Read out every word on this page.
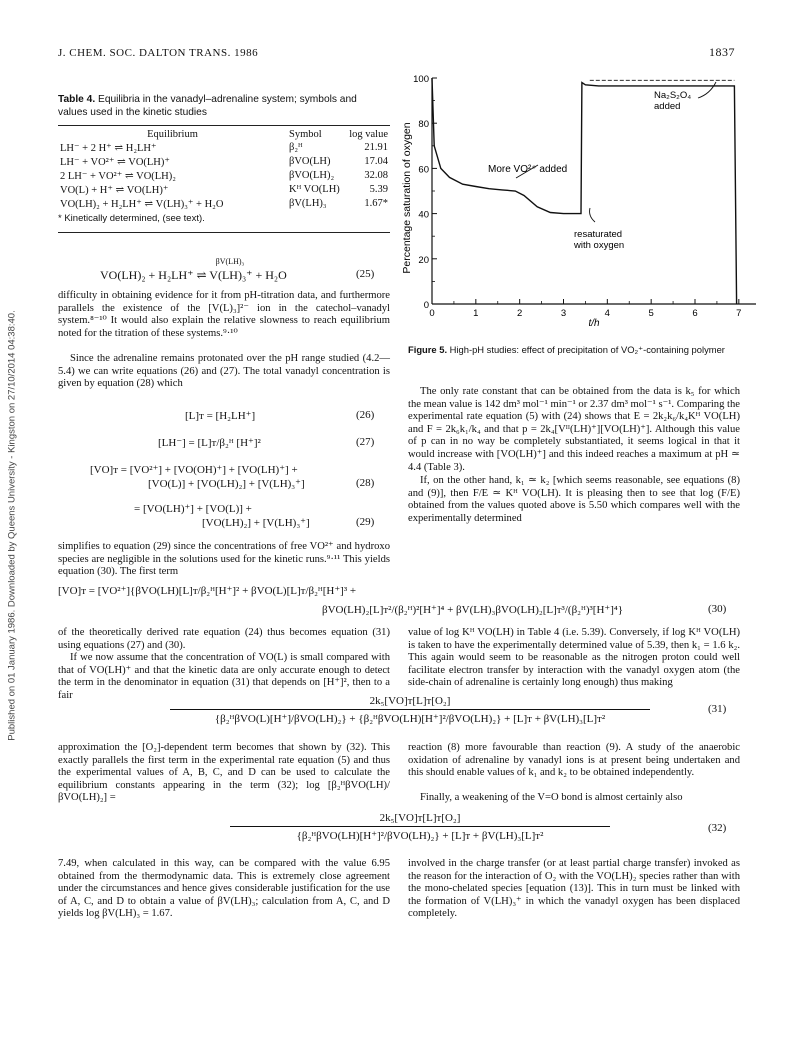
J. CHEM. SOC. DALTON TRANS. 1986	1837
Published on 01 January 1986. Downloaded by Queens University - Kingston on 27/10/2014 04:38:40.
Table 4. Equilibria in the vanadyl–adrenaline system; symbols and values used in the kinetic studies
Equilibrium	Symbol	log value
LH⁻ + 2 H⁺ ⇌ H₂LH⁺	β₂ᴴ	21.91
LH⁻ + VO²⁺ ⇌ VO(LH)⁺	βVO(LH)	17.04
2 LH⁻ + VO²⁺ ⇌ VO(LH)₂	βVO(LH)₂	32.08
VO(L) + H⁺ ⇌ VO(LH)⁺	Kᴴ VO(LH)	5.39
VO(LH)₂ + H₂LH⁺ ⇌ V(LH)₃⁺ + H₂O	βV(LH)₃	1.67*
* Kinetically determined, (see text).
βV(LH)₃
VO(LH)₂ + H₂LH⁺ ⇌ V(LH)₃⁺ + H₂O	(25)

difficulty in obtaining evidence for it from pH-titration data, and furthermore parallels the existence of the [V(L)₃]²⁻ ion in the catechol–vanadyl system.⁸⁻¹⁰ It would also explain the relative slowness to reach equilibrium noted for the titration of these systems.⁹·¹⁰

Since the adrenaline remains protonated over the pH range studied (4.2—5.4) we can write equations (26) and (27). The total vanadyl concentration is given by equation (28) which

[L]ᴛ = [H₂LH⁺]	(26)
[LH⁻] = [L]ᴛ/β₂ᴴ [H⁺]²	(27)
[VO]ᴛ = [VO²⁺] + [VO(OH)⁺] + [VO(LH)⁺] +
[VO(L)] + [VO(LH)₂] + [V(LH)₃⁺]	(28)
= [VO(LH)⁺] + [VO(L)] +
[VO(LH)₂] + [V(LH)₃⁺]	(29)

simplifies to equation (29) since the concentrations of free VO²⁺ and hydroxo species are negligible in the solutions used for the kinetic runs.⁹·¹¹ This yields equation (30). The first term

[VO]ᴛ = [VO²⁺]{βVO(LH)[L]ᴛ/β₂ᴴ[H⁺]² + βVO(L)[L]ᴛ/β₂ᴴ[H⁺]³ +
βVO(LH)₂[L]ᴛ²/(β₂ᴴ)²[H⁺]⁴ + βV(LH)₃βVO(LH)₂[L]ᴛ³/(β₂ᴴ)³[H⁺]⁴}	(30)

of the theoretically derived rate equation (24) thus becomes equation (31) using equations (27) and (30).

If we now assume that the concentration of VO(L) is small compared with that of VO(LH)⁺ and that the kinetic data are only accurate enough to detect the term in the denominator in equation (31) that depends on [H⁺]², then to a fair

value of log Kᴴ VO(LH) in Table 4 (i.e. 5.39). Conversely, if log Kᴴ VO(LH) is taken to have the experimentally determined value of 5.39, then k₁ = 1.6 k₂. This again would seem to be reasonable as the nitrogen proton could well facilitate electron transfer by interaction with the vanadyl oxygen atom (the side-chain of adrenaline is certainly long enough) thus making

2k₅[VO]ᴛ[L]ᴛ[O₂]
{β₂ᴴβVO(L)[H⁺]/βVO(LH)₂} + {β₂ᴴβVO(LH)[H⁺]²/βVO(LH)₂} + [L]ᴛ + βV(LH)₃[L]ᴛ²
(31)

approximation the [O₂]-dependent term becomes that shown by (32). This exactly parallels the first term in the experimental rate equation (5) and thus the experimental values of A, B, C, and D can be used to calculate the equilibrium constants appearing in the term (32); log [β₂ᴴβVO(LH)/βVO(LH)₂] =

reaction (8) more favourable than reaction (9). A study of the anaerobic oxidation of adrenaline by vanadyl ions is at present being undertaken and this should enable values of k₁ and k₂ to be obtained independently.

Finally, a weakening of the V=O bond is almost certainly also

2k₅[VO]ᴛ[L]ᴛ[O₂]
{β₂ᴴβVO(LH)[H⁺]²/βVO(LH)₂} + [L]ᴛ + βV(LH)₃[L]ᴛ²
(32)

7.49, when calculated in this way, can be compared with the value 6.95 obtained from the thermodynamic data. This is extremely close agreement under the circumstances and hence gives considerable justification for the use of A, C, and D to obtain a value of βV(LH)₃; calculation from A, C, and D yields log βV(LH)₃ = 1.67.

involved in the charge transfer (or at least partial charge transfer) invoked as the reason for the interaction of O₂ with the VO(LH)₂ species rather than with the mono-chelated species [equation (13)]. This in turn must be linked with the formation of V(LH)₃⁺ in which the vanadyl oxygen has been displaced completely.

The only rate constant that can be obtained from the data is k₅ for which the mean value is 142 dm³ mol⁻¹ min⁻¹ or 2.37 dm³ mol⁻¹ s⁻¹. Comparing the experimental rate equation (5) with (24) shows that E = 2k₂k₆/k₄Kᴴ VO(LH) and F = 2k₆k₁/k₄ and that p = 2k₄[Vᴵᴵ(LH)⁺][VO(LH)⁺]. Although this value of p can in no way be completely substantiated, it seems logical in that it would increase with [VO(LH)⁺] and this indeed reaches a maximum at pH ≃ 4.4 (Table 3).

If, on the other hand, k₁ ≃ k₂ [which seems reasonable, see equations (8) and (9)], then F/E ≃ Kᴴ VO(LH). It is pleasing then to see that log (F/E) obtained from the values quoted above is 5.50 which compares well with the experimentally determined

0	1	2	3	4	5	6	7
0
20
40
60
80
100
Percentage saturation of oxygen
t/h
More VO²⁺ added
resaturated with oxygen
Na₂S₂O₄ added
Figure 5. High-pH studies: effect of precipitation of VO₂⁺-containing polymer
